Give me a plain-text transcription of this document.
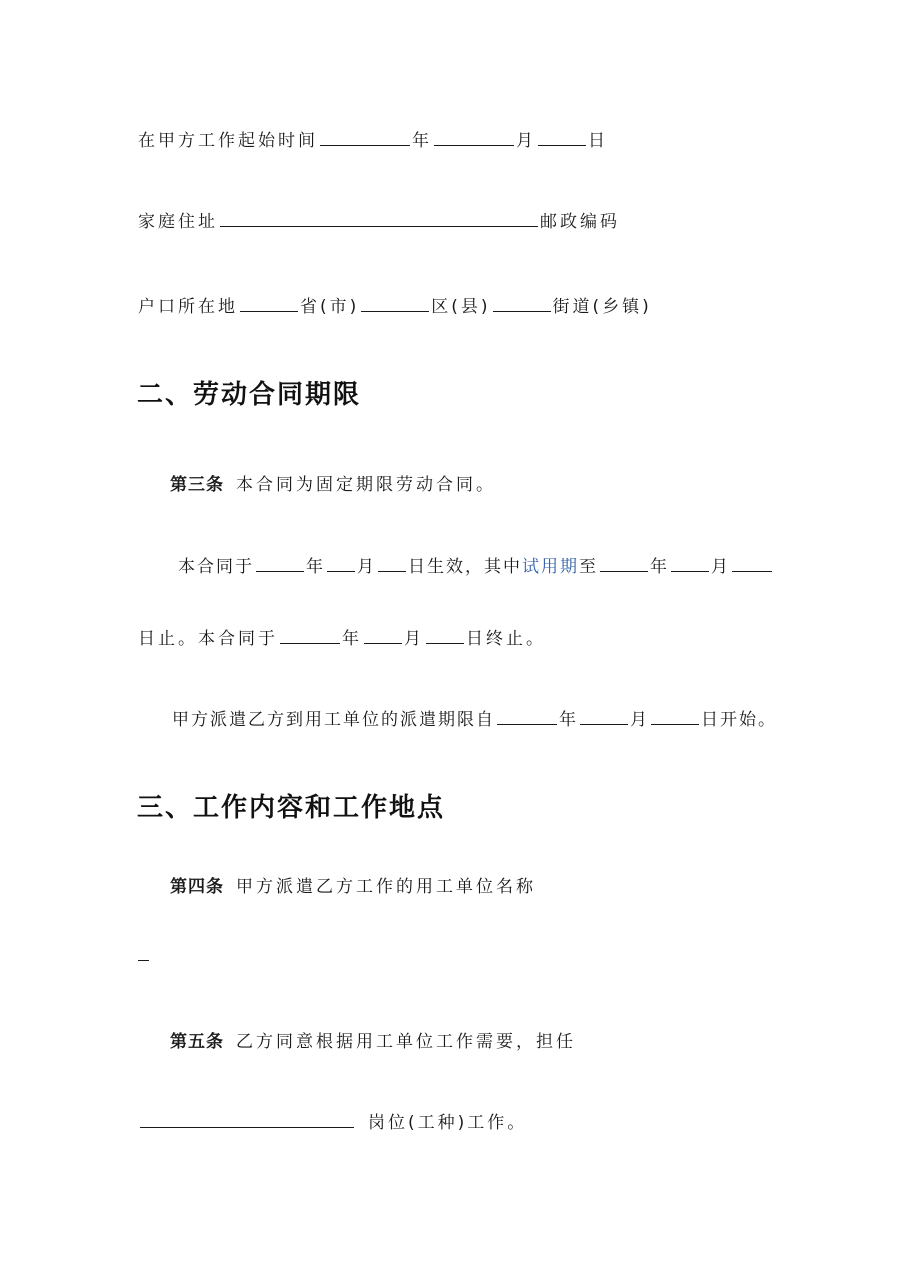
在甲方工作起始时间	年	月	日
家庭住址	邮政编码
户口所在地	省(市)	区(县)	街道(乡镇)
二、劳动合同期限
第三条 本合同为固定期限劳动合同。
本合同于	年 月 日生效，其中 试用期 至	年 月
日止。本合同于	年 月 日终止。
甲方派遣乙方到用工单位的派遣期限自	年	月	日开始。
三、工作内容和工作地点
第四条 甲方派遣乙方工作的用工单位名称
第五条 乙方同意根据用工单位工作需要，担任
岗位(工种)工作。
